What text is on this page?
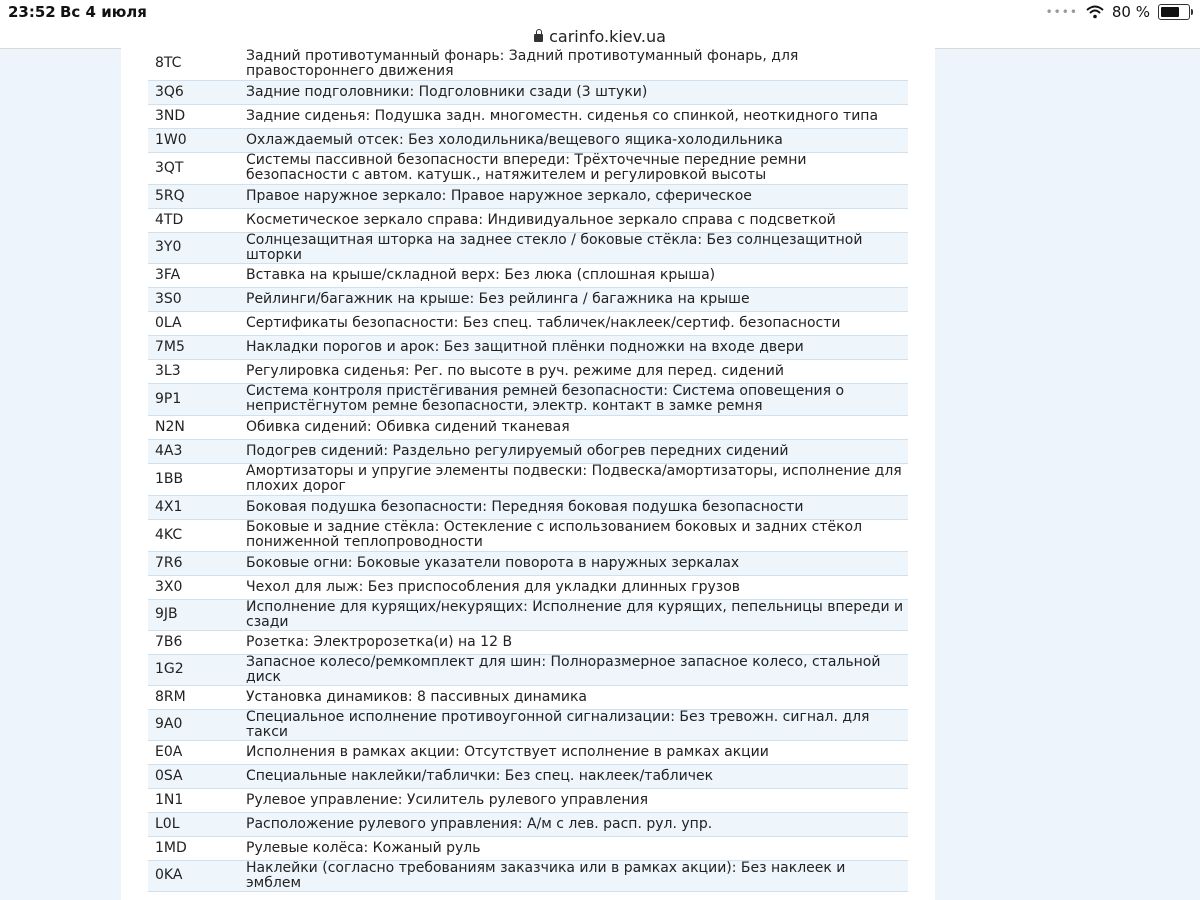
23:52 Вс 4 июля	•••• 80 %
carinfo.kiev.ua
8TC	Задний противотуманный фонарь: Задний противотуманный фонарь, для правостороннего движения
3Q6	Задние подголовники: Подголовники сзади (3 штуки)
3ND	Задние сиденья: Подушка задн. многоместн. сиденья со спинкой, неоткидного типа
1W0	Охлаждаемый отсек: Без холодильника/вещевого ящика-холодильника
3QT	Системы пассивной безопасности впереди: Трёхточечные передние ремни безопасности с автом. катушк., натяжителем и регулировкой высоты
5RQ	Правое наружное зеркало: Правое наружное зеркало, сферическое
4TD	Косметическое зеркало справа: Индивидуальное зеркало справа с подсветкой
3Y0	Солнцезащитная шторка на заднее стекло / боковые стёкла: Без солнцезащитной шторки
3FA	Вставка на крыше/складной верх: Без люка (сплошная крыша)
3S0	Рейлинги/багажник на крыше: Без рейлинга / багажника на крыше
0LA	Сертификаты безопасности: Без спец. табличек/наклеек/сертиф. безопасности
7M5	Накладки порогов и арок: Без защитной плёнки подножки на входе двери
3L3	Регулировка сиденья: Рег. по высоте в руч. режиме для перед. сидений
9P1	Система контроля пристёгивания ремней безопасности: Система оповещения о непристёгнутом ремне безопасности, электр. контакт в замке ремня
N2N	Обивка сидений: Обивка сидений тканевая
4A3	Подогрев сидений: Раздельно регулируемый обогрев передних сидений
1BB	Амортизаторы и упругие элементы подвески: Подвеска/амортизаторы, исполнение для плохих дорог
4X1	Боковая подушка безопасности: Передняя боковая подушка безопасности
4KC	Боковые и задние стёкла: Остекление с использованием боковых и задних стёкол пониженной теплопроводности
7R6	Боковые огни: Боковые указатели поворота в наружных зеркалах
3X0	Чехол для лыж: Без приспособления для укладки длинных грузов
9JB	Исполнение для курящих/некурящих: Исполнение для курящих, пепельницы впереди и сзади
7B6	Розетка: Электророзетка(и) на 12 В
1G2	Запасное колесо/ремкомплект для шин: Полноразмерное запасное колесо, стальной диск
8RM	Установка динамиков: 8 пассивных динамика
9A0	Специальное исполнение противоугонной сигнализации: Без тревожн. сигнал. для такси
E0A	Исполнения в рамках акции: Отсутствует исполнение в рамках акции
0SA	Специальные наклейки/таблички: Без спец. наклеек/табличек
1N1	Рулевое управление: Усилитель рулевого управления
L0L	Расположение рулевого управления: А/м с лев. расп. рул. упр.
1MD	Рулевые колёса: Кожаный руль
0KA	Наклейки (согласно требованиям заказчика или в рамках акции): Без наклеек и эмблем
